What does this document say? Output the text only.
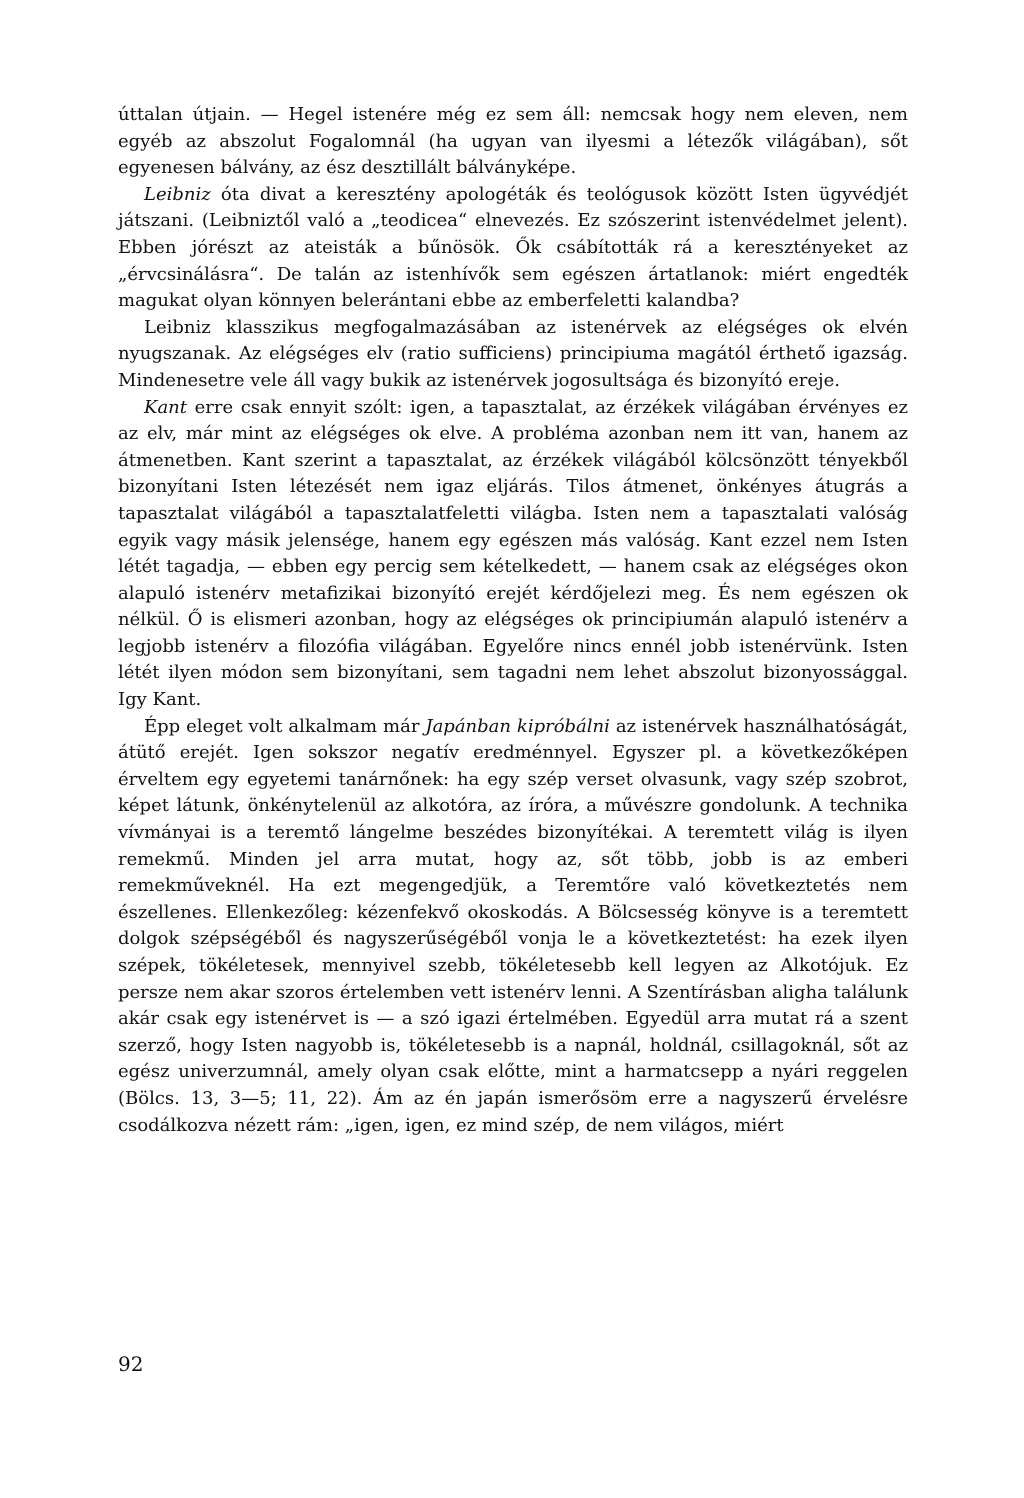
úttalan útjain. — Hegel istenére még ez sem áll: nemcsak hogy nem eleven, nem egyéb az abszolut Fogalomnál (ha ugyan van ilyesmi a létezők világában), sőt egyenesen bálvány, az ész desztillált bálványképe.

Leibniz óta divat a keresztény apologéták és teológusok között Isten ügyvédjét játszani. (Leibniztől való a „teodicea“ elnevezés. Ez szószerint istenvédelmet jelent). Ebben jórészt az ateisták a bűnösök. Ők csábították rá a keresztényeket az „érvcsinálásra“. De talán az istenhívők sem egészen ártatlanok: miért engedték magukat olyan könnyen belerántani ebbe az emberfeletti kalandba?

Leibniz klasszikus megfogalmazásában az istenérvek az elégséges ok elvén nyugszanak. Az elégséges elv (ratio sufficiens) principiuma magától érthető igazság. Mindenesetre vele áll vagy bukik az istenérvek jogosultsága és bizonyító ereje.

Kant erre csak ennyit szólt: igen, a tapasztalat, az érzékek világában érvényes ez az elv, már mint az elégséges ok elve. A probléma azonban nem itt van, hanem az átmenetben. Kant szerint a tapasztalat, az érzékek világából kölcsönzött tényekből bizonyítani Isten létezését nem igaz eljárás. Tilos átmenet, önkényes átugrás a tapasztalat világából a tapasztalatfeletti világba. Isten nem a tapasztalati valóság egyik vagy másik jelensége, hanem egy egészen más valóság. Kant ezzel nem Isten létét tagadja, — ebben egy percig sem kételkedett, — hanem csak az elégséges okon alapuló istenérv metafizikai bizonyító erejét kérdőjelezi meg. És nem egészen ok nélkül. Ő is elismeri azonban, hogy az elégséges ok principiumán alapuló istenérv a legjobb istenérv a filozófia világában. Egyelőre nincs ennél jobb istenérvünk. Isten létét ilyen módon sem bizonyítani, sem tagadni nem lehet abszolut bizonyossággal. Igy Kant.

Épp eleget volt alkalmam már Japánban kipróbálni az istenérvek használhatóságát, átütő erejét. Igen sokszor negatív eredménnyel. Egyszer pl. a következőképen érveltem egy egyetemi tanárnőnek: ha egy szép verset olvasunk, vagy szép szobrot, képet látunk, önkénytelenül az alkotóra, az íróra, a művészre gondolunk. A technika vívmányai is a teremtő lángelme beszédes bizonyítékai. A teremtett világ is ilyen remekmű. Minden jel arra mutat, hogy az, sőt több, jobb is az emberi remekműveknél. Ha ezt megengedjük, a Teremtőre való következtetés nem észellenes. Ellenkezőleg: kézenfekvő okoskodás. A Bölcsesség könyve is a teremtett dolgok szépségéből és nagyszerűségéből vonja le a következtetést: ha ezek ilyen szépek, tökéletesek, mennyivel szebb, tökéletesebb kell legyen az Alkotójuk. Ez persze nem akar szoros értelemben vett istenérv lenni. A Szentírásban aligha találunk akár csak egy istenérvet is — a szó igazi értelmében. Egyedül arra mutat rá a szent szerző, hogy Isten nagyobb is, tökéletesebb is a napnál, holdnál, csillagoknál, sőt az egész univerzumnál, amely olyan csak előtte, mint a harmatcsepp a nyári reggelen (Bölcs. 13, 3—5; 11, 22). Ám az én japán ismerősöm erre a nagyszerű érvelésre csodálkozva nézett rám: „igen, igen, ez mind szép, de nem világos, miért

92
